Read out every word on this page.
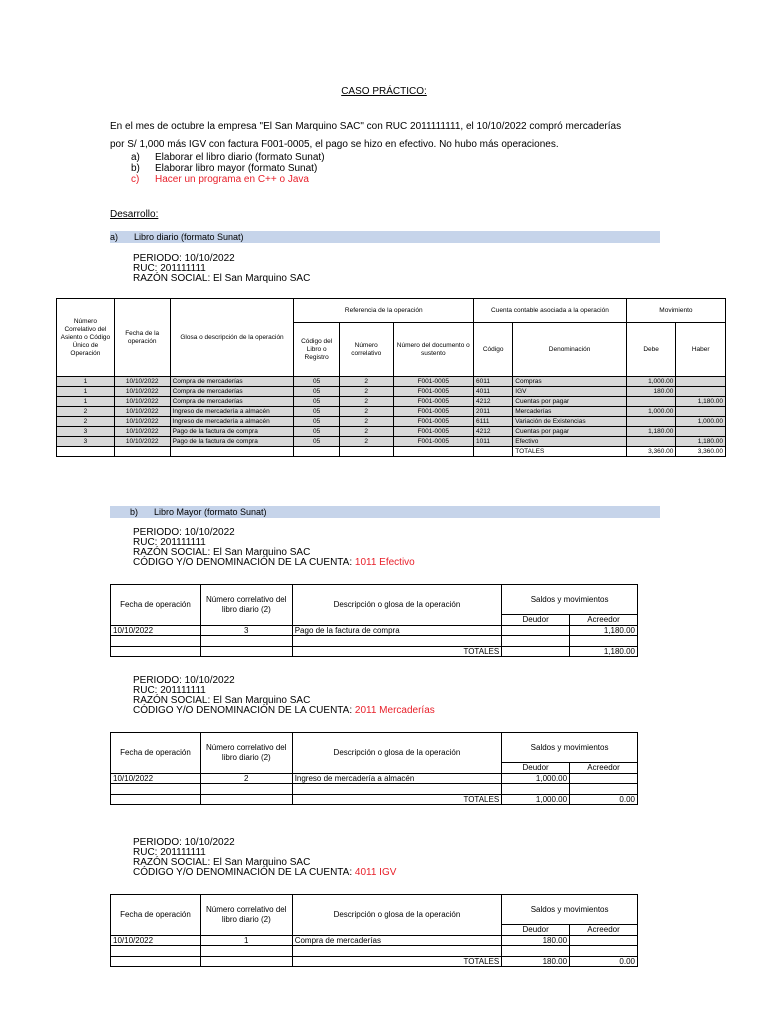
CASO PRÁCTICO:
En el mes de octubre la empresa "El San Marquino SAC" con RUC 2011111111, el 10/10/2022 compró mercaderías
por S/ 1,000 más IGV con factura F001-0005, el pago se hizo en efectivo. No hubo más operaciones.
a) Elaborar el libro diario (formato Sunat)
b) Elaborar libro mayor (formato Sunat)
c) Hacer un programa en C++ o Java
Desarrollo:
a) Libro diario (formato Sunat)
PERIODO: 10/10/2022
RUC: 201111111
RAZÓN SOCIAL: El San Marquino SAC
Número Correlativo del Asiento o Código Único de Operación	Fecha de la operación	Glosa o descripción de la operación	Referencia de la operación			Cuenta contable asociada a la operación		Movimiento	
			Código del Libro o Registro	Número correlativo	Número del documento o sustento	Código	Denominación	Debe	Haber
1	10/10/2022	Compra de mercaderías	05	2	F001-0005	6011	Compras	1,000.00	
1	10/10/2022	Compra de mercaderías	05	2	F001-0005	4011	IGV	180.00	
1	10/10/2022	Compra de mercaderías	05	2	F001-0005	4212	Cuentas por pagar		1,180.00
2	10/10/2022	Ingreso de mercadería a almacén	05	2	F001-0005	2011	Mercaderías	1,000.00	
2	10/10/2022	Ingreso de mercadería a almacén	05	2	F001-0005	6111	Variación de Existencias		1,000.00
3	10/10/2022	Pago de la factura de compra	05	2	F001-0005	4212	Cuentas por pagar	1,180.00	
3	10/10/2022	Pago de la factura de compra	05	2	F001-0005	1011	Efectivo		1,180.00
							TOTALES	3,360.00	3,360.00
b) Libro Mayor (formato Sunat)
PERIODO: 10/10/2022
RUC: 201111111
RAZÓN SOCIAL: El San Marquino SAC
CÓDIGO Y/O DENOMINACIÓN DE LA CUENTA: 1011 Efectivo
Fecha de operación	Número correlativo del libro diario (2)	Descripción o glosa de la operación	Saldos y movimientos	
			Deudor	Acreedor
10/10/2022	3	Pago de la factura de compra		1,180.00

		TOTALES		1,180.00
PERIODO: 10/10/2022
RUC: 201111111
RAZÓN SOCIAL: El San Marquino SAC
CÓDIGO Y/O DENOMINACIÓN DE LA CUENTA: 2011 Mercaderías
Fecha de operación	Número correlativo del libro diario (2)	Descripción o glosa de la operación	Saldos y movimientos	
			Deudor	Acreedor
10/10/2022	2	Ingreso de mercadería a almacén	1,000.00	

		TOTALES	1,000.00	0.00
PERIODO: 10/10/2022
RUC: 201111111
RAZÓN SOCIAL: El San Marquino SAC
CÓDIGO Y/O DENOMINACIÓN DE LA CUENTA: 4011 IGV
Fecha de operación	Número correlativo del libro diario (2)	Descripción o glosa de la operación	Saldos y movimientos	
			Deudor	Acreedor
10/10/2022	1	Compra de mercaderías	180.00	

		TOTALES	180.00	0.00
